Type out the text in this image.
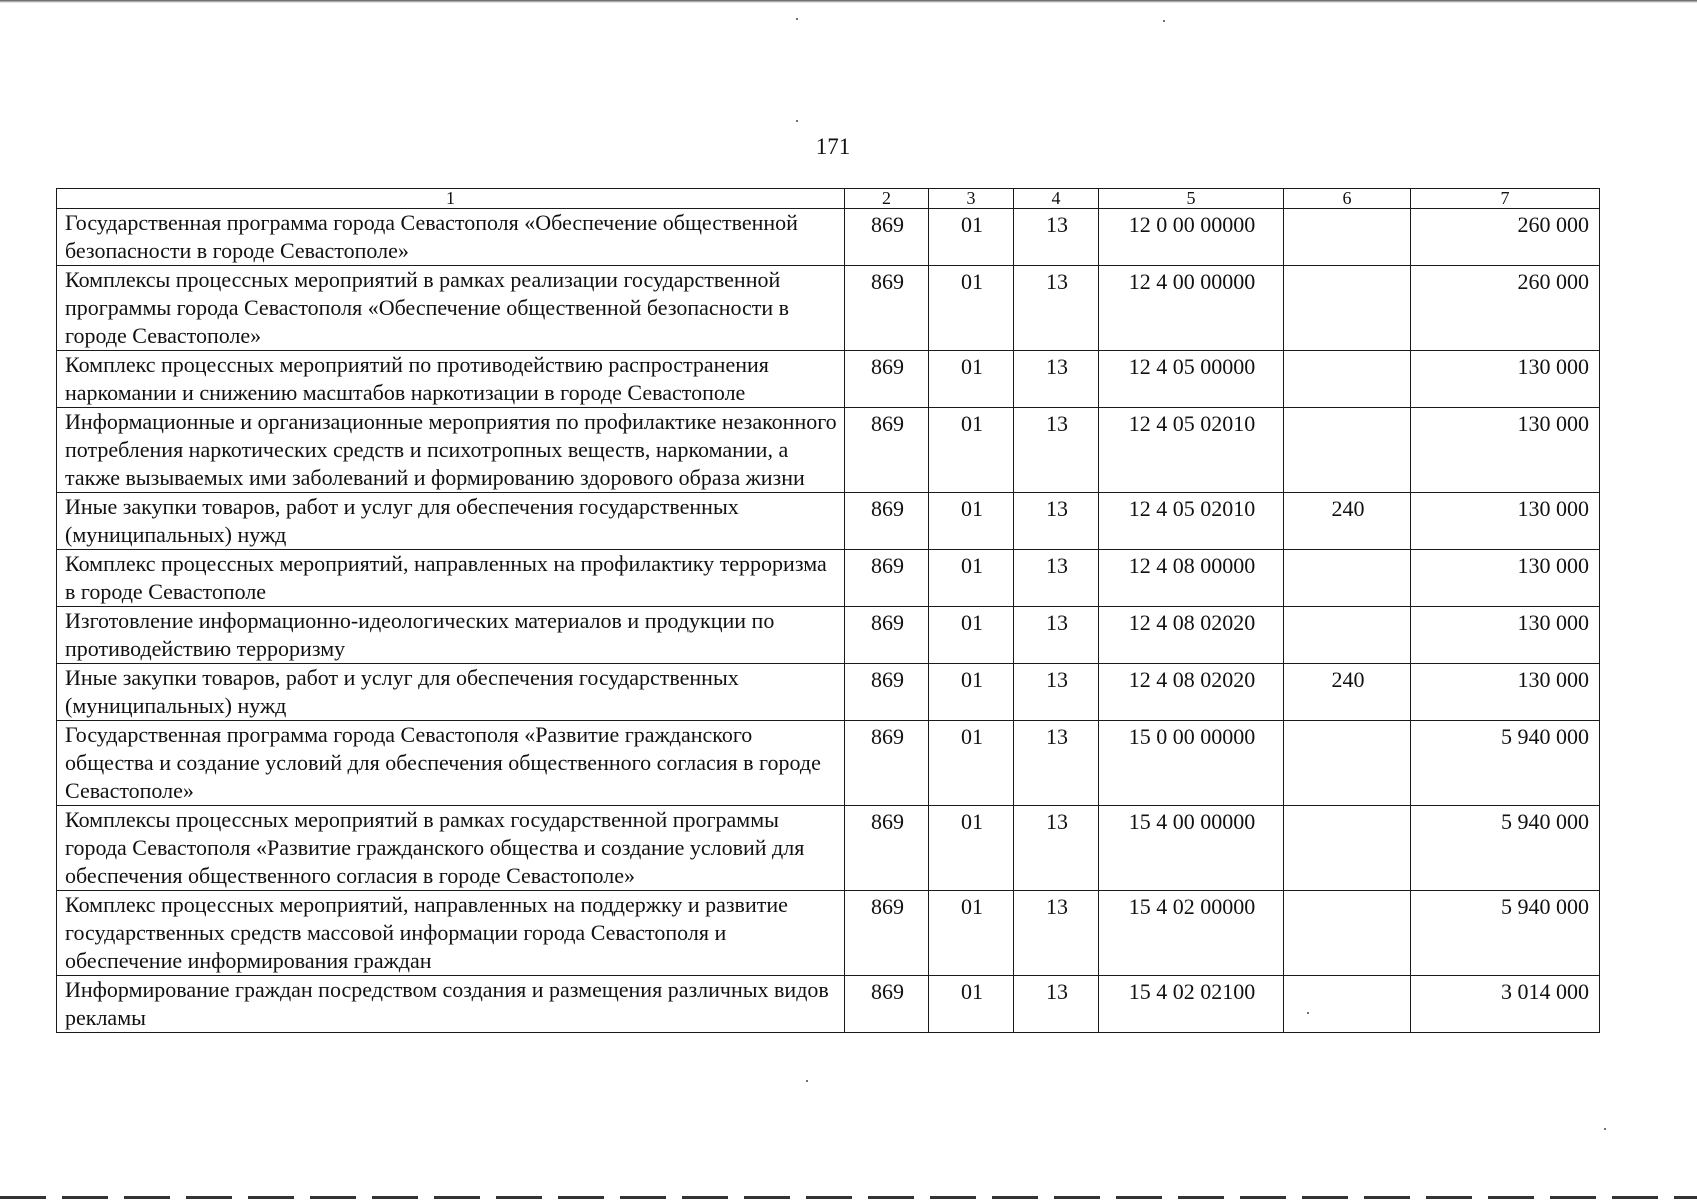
171
1	2	3	4	5	6	7
Государственная программа города Севастополя «Обеспечение общественной безопасности в городе Севастополе»	869	01	13	12 0 00 00000		260 000
Комплексы процессных мероприятий в рамках реализации государственной программы города Севастополя «Обеспечение общественной безопасности в городе Севастополе»	869	01	13	12 4 00 00000		260 000
Комплекс процессных мероприятий по противодействию распространения наркомании и снижению масштабов наркотизации в городе Севастополе	869	01	13	12 4 05 00000		130 000
Информационные и организационные мероприятия по профилактике незаконного потребления наркотических средств и психотропных веществ, наркомании, а также вызываемых ими заболеваний и формированию здорового образа жизни	869	01	13	12 4 05 02010		130 000
Иные закупки товаров, работ и услуг для обеспечения государственных (муниципальных) нужд	869	01	13	12 4 05 02010	240	130 000
Комплекс процессных мероприятий, направленных на профилактику терроризма в городе Севастополе	869	01	13	12 4 08 00000		130 000
Изготовление информационно-идеологических материалов и продукции по противодействию терроризму	869	01	13	12 4 08 02020		130 000
Иные закупки товаров, работ и услуг для обеспечения государственных (муниципальных) нужд	869	01	13	12 4 08 02020	240	130 000
Государственная программа города Севастополя «Развитие гражданского общества и создание условий для обеспечения общественного согласия в городе Севастополе»	869	01	13	15 0 00 00000		5 940 000
Комплексы процессных мероприятий в рамках государственной программы города Севастополя «Развитие гражданского общества и создание условий для обеспечения общественного согласия в городе Севастополе»	869	01	13	15 4 00 00000		5 940 000
Комплекс процессных мероприятий, направленных на поддержку и развитие государственных средств массовой информации города Севастополя и обеспечение информирования граждан	869	01	13	15 4 02 00000		5 940 000
Информирование граждан посредством создания и размещения различных видов рекламы	869	01	13	15 4 02 02100		3 014 000
